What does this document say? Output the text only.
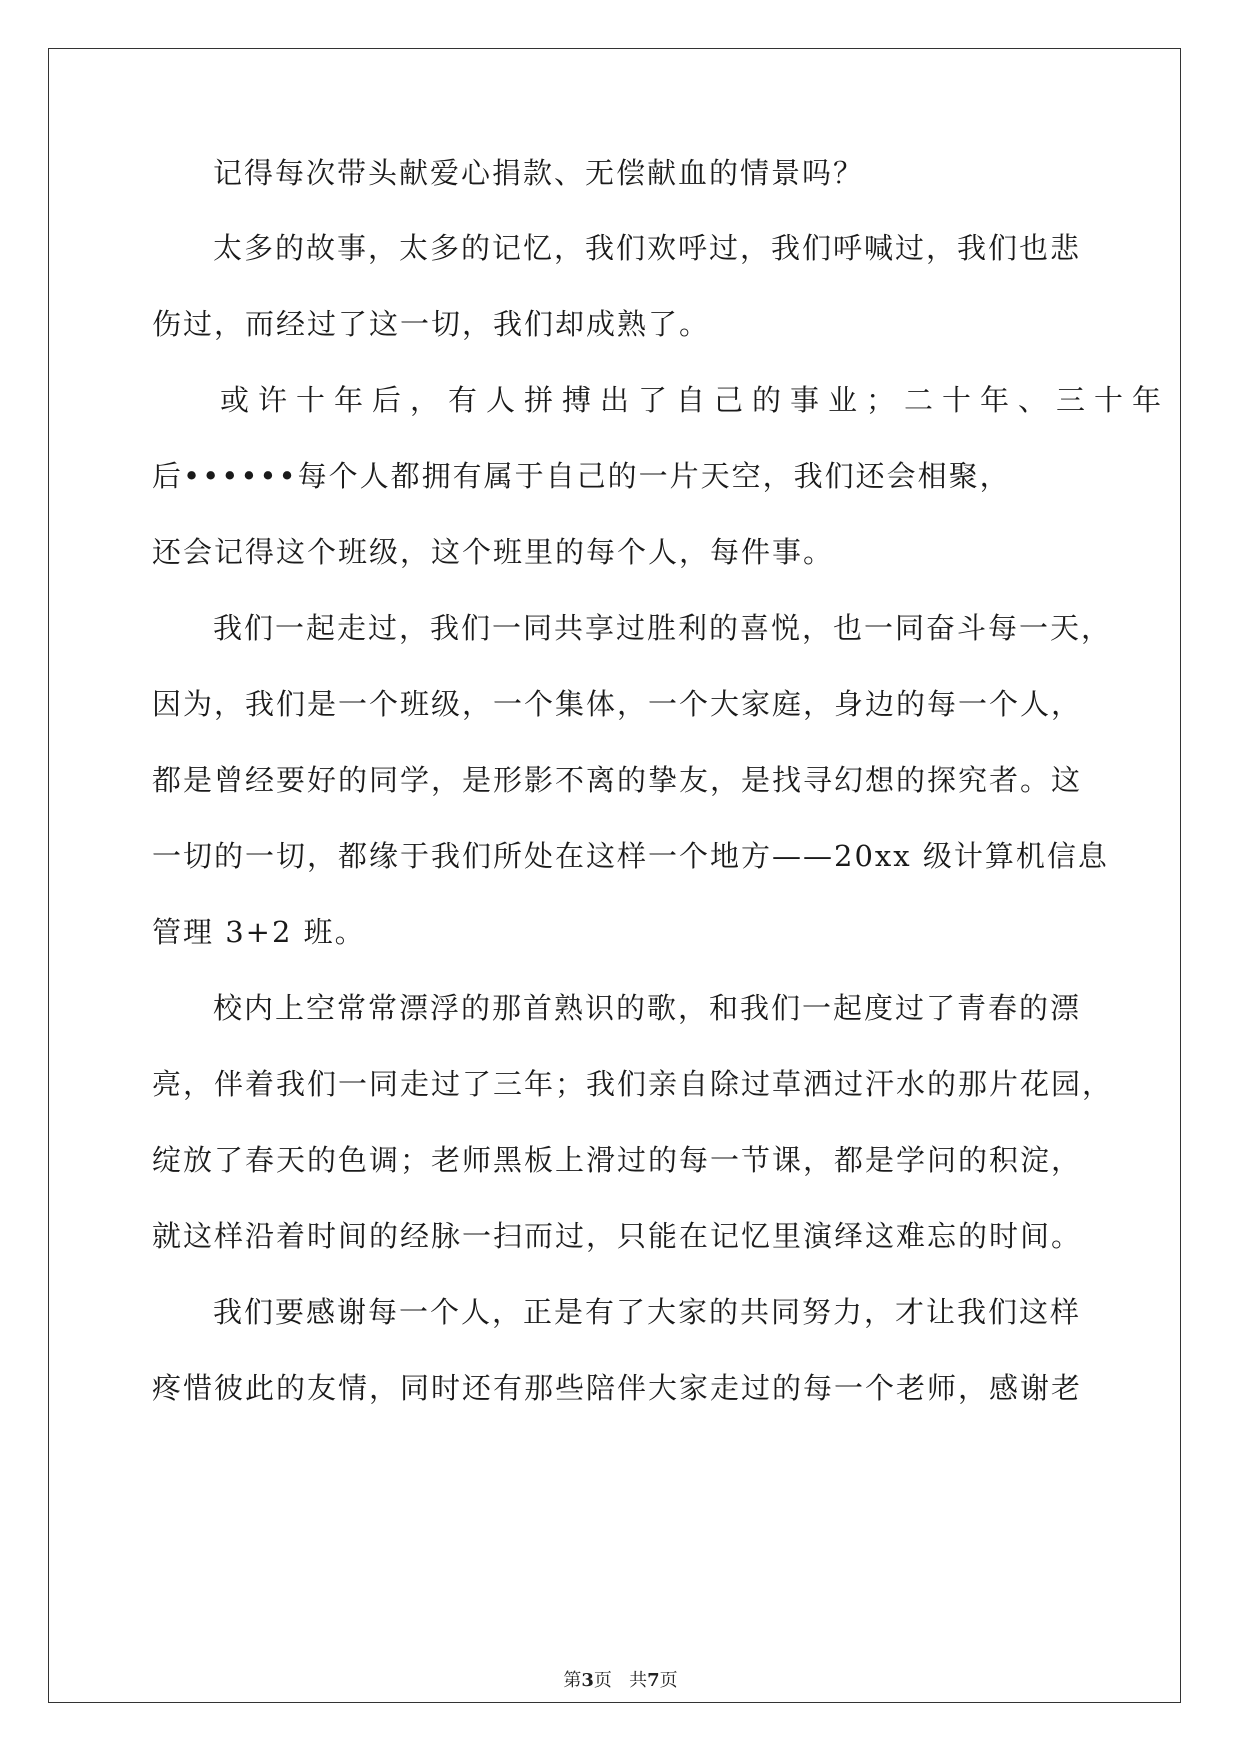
记得每次带头献爱心捐款、无偿献血的情景吗？
太多的故事，太多的记忆，我们欢呼过，我们呼喊过，我们也悲
伤过，而经过了这一切，我们却成熟了。
或许十年后，有人拼搏出了自己的事业；二十年、三十年
后••••••每个人都拥有属于自己的一片天空，我们还会相聚，
还会记得这个班级，这个班里的每个人，每件事。
我们一起走过，我们一同共享过胜利的喜悦，也一同奋斗每一天，
因为，我们是一个班级，一个集体，一个大家庭，身边的每一个人，
都是曾经要好的同学，是形影不离的挚友，是找寻幻想的探究者。这
一切的一切，都缘于我们所处在这样一个地方——20xx 级计算机信息
管理 3+2 班。
校内上空常常漂浮的那首熟识的歌，和我们一起度过了青春的漂
亮，伴着我们一同走过了三年；我们亲自除过草洒过汗水的那片花园，
绽放了春天的色调；老师黑板上滑过的每一节课，都是学问的积淀，
就这样沿着时间的经脉一扫而过，只能在记忆里演绎这难忘的时间。
我们要感谢每一个人，正是有了大家的共同努力，才让我们这样
疼惜彼此的友情，同时还有那些陪伴大家走过的每一个老师，感谢老
第3页   共7页
